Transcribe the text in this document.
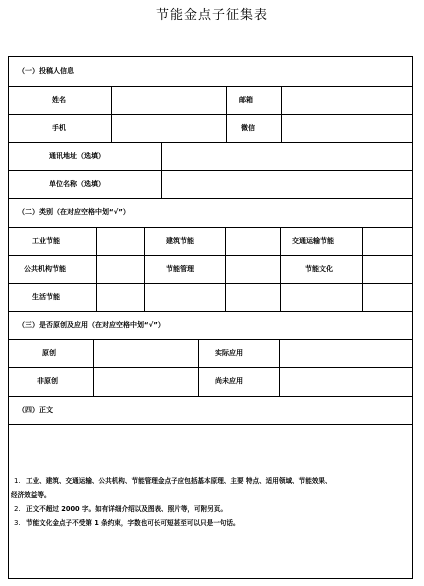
节能金点子征集表
（一）投稿人信息
姓名	邮箱
手机	微信
通讯地址（选填）
单位名称（选填）
（二）类别（在对应空格中划“√”）
工业节能	建筑节能	交通运输节能
公共机构节能	节能管理	节能文化
生活节能
（三）是否原创及应用（在对应空格中划“√”）
原创	实际应用
非原创	尚未应用
（四）正文
1. 工业、建筑、交通运输、公共机构、节能管理金点子应包括基本原理、主要 特点、适用领域、节能效果、
经济效益等。
2. 正文不超过 2000 字。如有详细介绍以及图表、照片等，可附另页。
3. 节能文化金点子不受第 1 条约束，字数也可长可短甚至可以只是一句话。
